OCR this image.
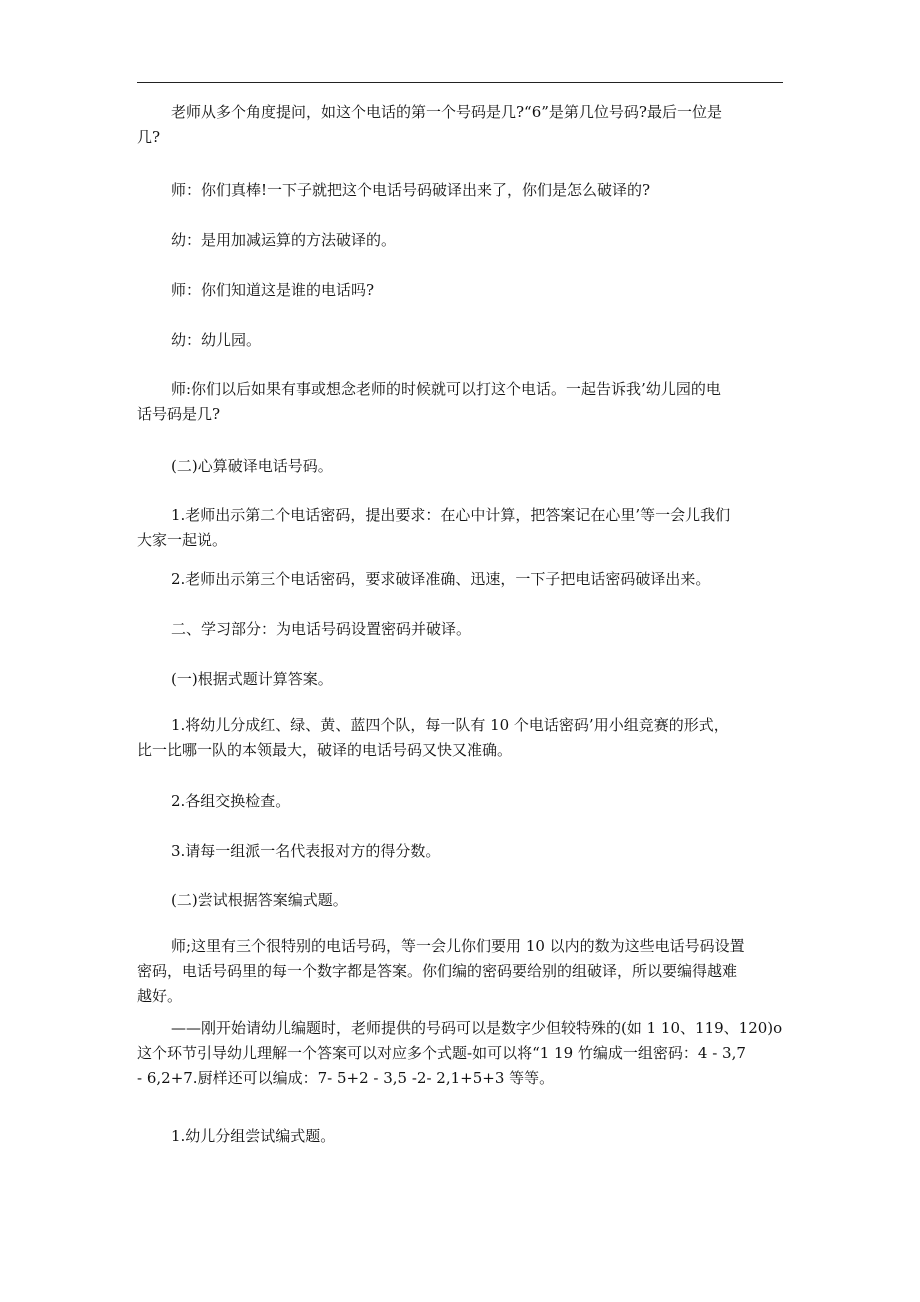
老师从多个角度提问，如这个电话的第一个号码是几?“6”是第几位号码?最后一位是
几?
师：你们真棒!一下子就把这个电话号码破译出来了，你们是怎么破译的?
幼：是用加减运算的方法破译的。
师：你们知道这是谁的电话吗?
幼：幼儿园。
师:你们以后如果有事或想念老师的时候就可以打这个电话。一起告诉我’幼儿园的电
话号码是几?
(二)心算破译电话号码。
1.老师出示第二个电话密码，提出要求：在心中计算，把答案记在心里’等一会儿我们
大家一起说。
2.老师出示第三个电话密码，要求破译准确、迅速，一下子把电话密码破译出来。
二、学习部分：为电话号码设置密码并破译。
(一)根据式题计算答案。
1.将幼儿分成红、绿、黄、蓝四个队，每一队有 10 个电话密码’用小组竞赛的形式，
比一比哪一队的本领最大，破译的电话号码又快又准确。
2.各组交换检查。
3.请每一组派一名代表报对方的得分数。
(二)尝试根据答案编式题。
师;这里有三个很特别的电话号码，等一会儿你们要用 10 以内的数为这些电话号码设置
密码，电话号码里的每一个数字都是答案。你们编的密码要给别的组破译，所以要编得越难
越好。
——刚开始请幼儿编题时，老师提供的号码可以是数字少但较特殊的(如 1 10、119、120)o
这个环节引导幼儿理解一个答案可以对应多个式题-如可以将“1 19 竹编成一组密码：4 - 3,7
- 6,2+7.厨样还可以编成：7- 5+2 - 3,5 -2- 2,1+5+3 等等。
1.幼儿分组尝试编式题。
